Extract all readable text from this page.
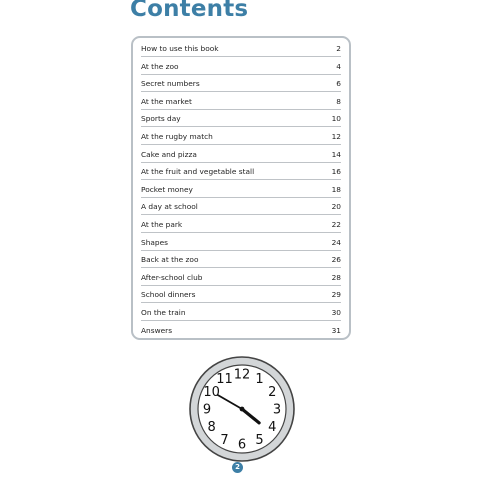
Contents
How to use this book	2
At the zoo	4
Secret numbers	6
At the market	8
Sports day	10
At the rugby match	12
Cake and pizza	14
At the fruit and vegetable stall	16
Pocket money	18
A day at school	20
At the park	22
Shapes	24
Back at the zoo	26
After-school club	28
School dinners	29
On the train	30
Answers	31
12 1
2
3
4
5
6
7
8
9
10
11
2
